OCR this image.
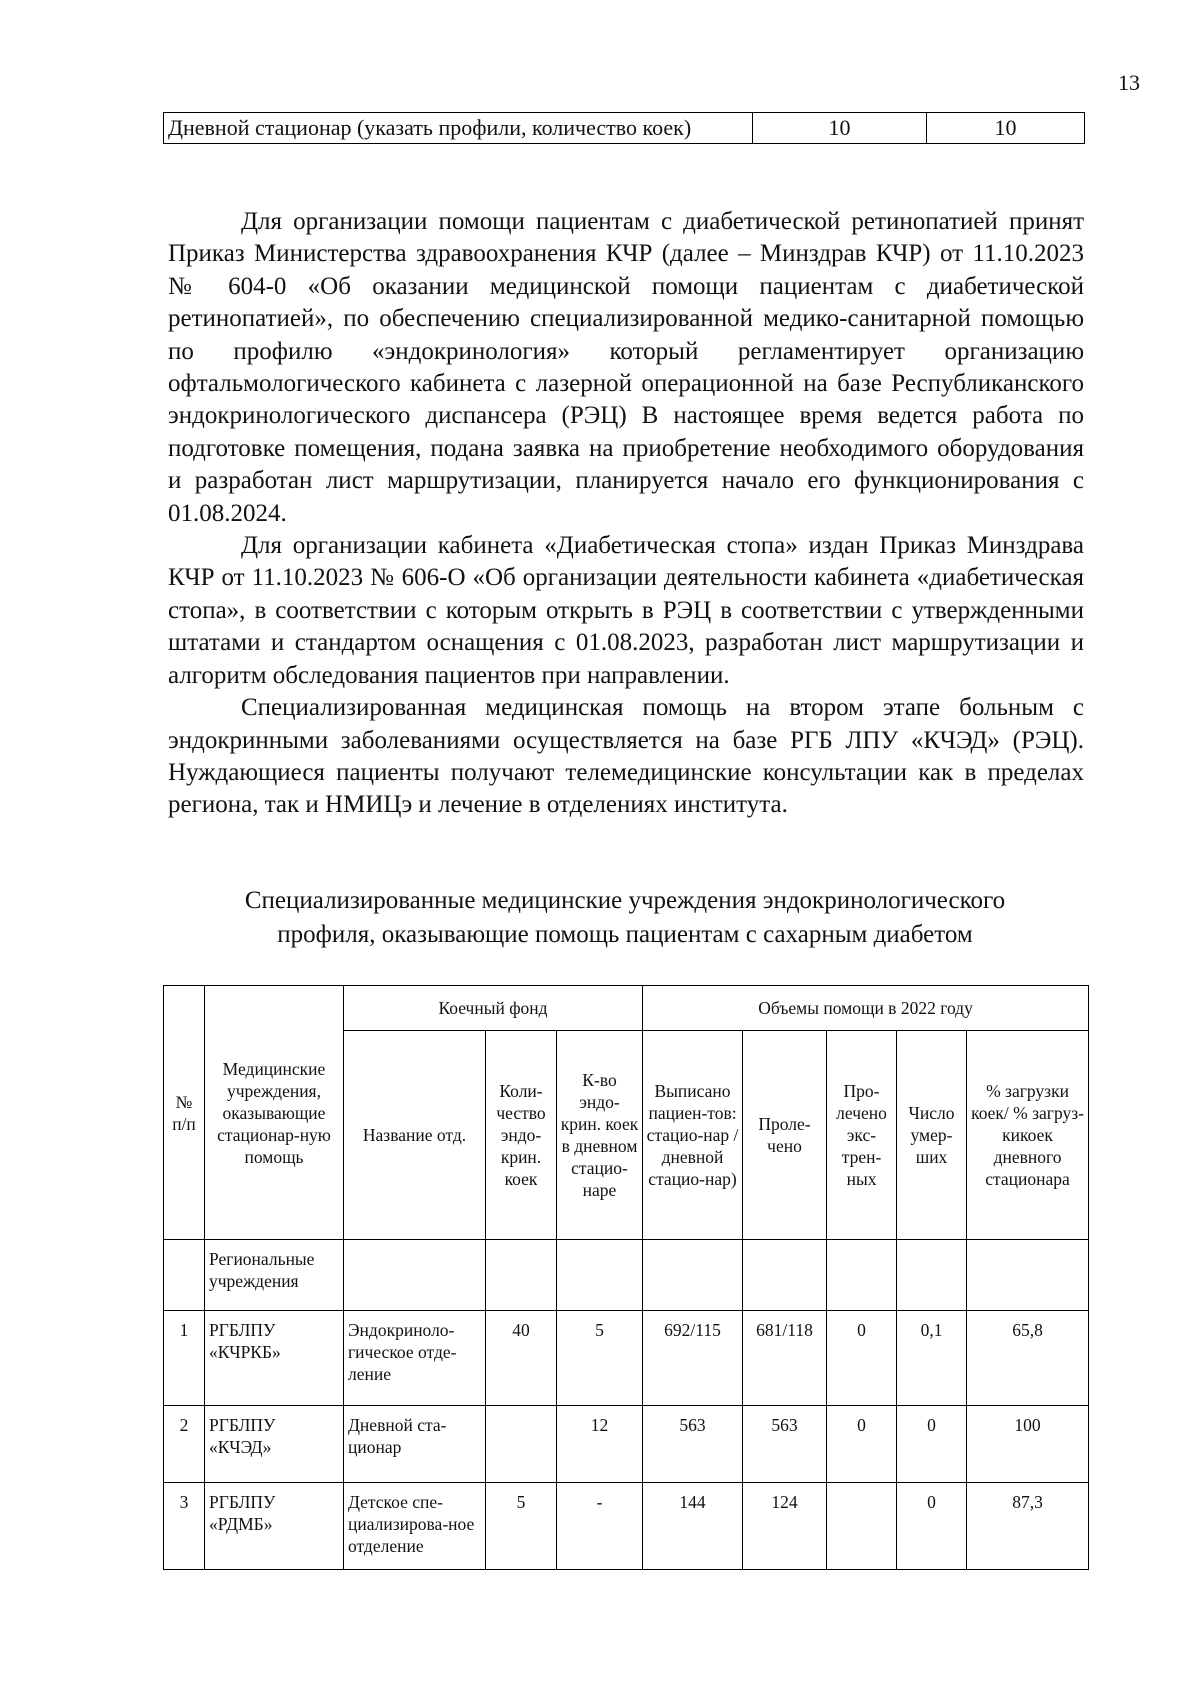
13
Дневной стационар (указать профили, количество коек)	10	10

Для организации помощи пациентам с диабетической ретинопатией принят Приказ Министерства здравоохранения КЧР (далее – Минздрав КЧР) от 11.10.2023 № 604-0 «Об оказании медицинской помощи пациентам с диабетической ретинопатией», по обеспечению специализированной медико-санитарной помощью по профилю «эндокринология» который регламентирует организацию офтальмологического кабинета с лазерной операционной на базе Республиканского эндокринологического диспансера (РЭЦ) В настоящее время ведется работа по подготовке помещения, подана заявка на приобретение необходимого оборудования и разработан лист маршрутизации, планируется начало его функционирования с 01.08.2024.

Для организации кабинета «Диабетическая стопа» издан Приказ Минздрава КЧР от 11.10.2023 № 606-О «Об организации деятельности кабинета «диабетическая стопа», в соответствии с которым открыть в РЭЦ в соответствии с утвержденными штатами и стандартом оснащения с 01.08.2023, разработан лист маршрутизации и алгоритм обследования пациентов при направлении.

Специализированная медицинская помощь на втором этапе больным с эндокринными заболеваниями осуществляется на базе РГБ ЛПУ «КЧЭД» (РЭЦ). Нуждающиеся пациенты получают телемедицинские консультации как в пределах региона, так и НМИЦэ и лечение в отделениях института.

Специализированные медицинские учреждения эндокринологического
профиля, оказывающие помощь пациентам с сахарным диабетом
№ п/п	Медицинские учреждения, оказывающие стационар-ную помощь	Коечный фонд			Объемы помощи в 2022 году				
		Название отд.	Коли-чество эндо-крин. коек	К-во эндо-крин. коек в дневном стацио-наре	Выписано пациен-тов: стацио-нар / дневной стацио-нар)	Проле-чено	Про-лечено экс-трен-ных	Число умер-ших	% загрузки коек/ % загруз-кикоек дневного стационара
	Региональные учреждения								
1	РГБЛПУ «КЧРКБ»	Эндокриноло-гическое отде-ление	40	5	692/115	681/118	0	0,1	65,8
2	РГБЛПУ «КЧЭД»	Дневной ста-ционар		12	563	563	0	0	100
3	РГБЛПУ «РДМБ»	Детское спе-циализирова-ное отделение	5	-	144	124		0	87,3
